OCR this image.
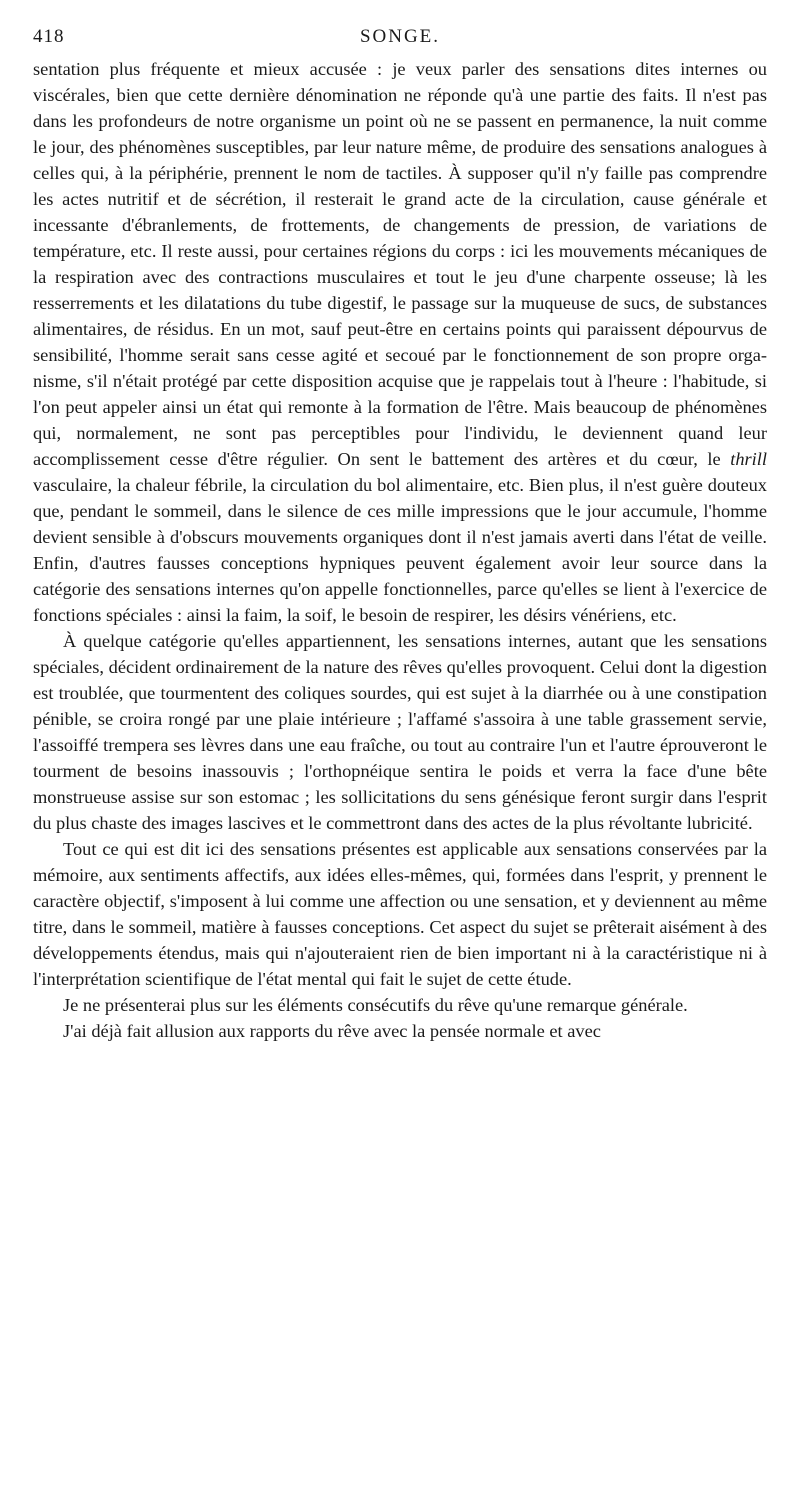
418	SONGE.

sentation plus fréquente et mieux accusée : je veux parler des sensations dites internes ou viscérales, bien que cette dernière dénomination ne réponde qu'à une partie des faits. Il n'est pas dans les profondeurs de notre organisme un point où ne se passent en permanence, la nuit comme le jour, des phénomènes susceptibles, par leur nature même, de produire des sensations analogues à celles qui, à la périphérie, prennent le nom de tactiles. À supposer qu'il n'y faille pas comprendre les actes nutritif et de sécrétion, il resterait le grand acte de la circulation, cause générale et incessante d'ébranlements, de frottements, de changements de pression, de variations de température, etc. Il reste aussi, pour certaines régions du corps : ici les mouvements mécaniques de la respiration avec des contractions musculaires et tout le jeu d'une charpente osseuse; là les resserrements et les dilatations du tube digestif, le passage sur la muqueuse de sucs, de substances alimentaires, de résidus. En un mot, sauf peut-être en certains points qui paraissent dépourvus de sensibilité, l'homme serait sans cesse agité et secoué par le fonctionnement de son propre organisme, s'il n'était protégé par cette disposition acquise que je rappelais tout à l'heure : l'habitude, si l'on peut appeler ainsi un état qui remonte à la formation de l'être. Mais beaucoup de phénomènes qui, normalement, ne sont pas perceptibles pour l'individu, le deviennent quand leur accomplissement cesse d'être régulier. On sent le battement des artères et du cœur, le thrill vasculaire, la chaleur fébrile, la circulation du bol alimentaire, etc. Bien plus, il n'est guère douteux que, pendant le sommeil, dans le silence de ces mille impressions que le jour accumule, l'homme devient sensible à d'obscurs mouvements organiques dont il n'est jamais averti dans l'état de veille. Enfin, d'autres fausses conceptions hypniques peuvent également avoir leur source dans la catégorie des sensations internes qu'on appelle fonctionnelles, parce qu'elles se lient à l'exercice de fonctions spéciales : ainsi la faim, la soif, le besoin de respirer, les désirs vénériens, etc.

À quelque catégorie qu'elles appartiennent, les sensations internes, autant que les sensations spéciales, décident ordinairement de la nature des rêves qu'elles provoquent. Celui dont la digestion est troublée, que tourmentent des coliques sourdes, qui est sujet à la diarrhée ou à une constipation pénible, se croira rongé par une plaie intérieure ; l'affamé s'assoira à une table grassement servie, l'assoiffé trempera ses lèvres dans une eau fraîche, ou tout au contraire l'un et l'autre éprouveront le tourment de besoins inassouvis ; l'orthopnéique sentira le poids et verra la face d'une bête monstrueuse assise sur son estomac ; les sollicitations du sens génésique feront surgir dans l'esprit du plus chaste des images lascives et le commettront dans des actes de la plus révoltante lubricité.

Tout ce qui est dit ici des sensations présentes est applicable aux sensations conservées par la mémoire, aux sentiments affectifs, aux idées elles-mêmes, qui, formées dans l'esprit, y prennent le caractère objectif, s'imposent à lui comme une affection ou une sensation, et y deviennent au même titre, dans le sommeil, matière à fausses conceptions. Cet aspect du sujet se prêterait aisément à des développements étendus, mais qui n'ajouteraient rien de bien important ni à la caractéristique ni à l'interprétation scientifique de l'état mental qui fait le sujet de cette étude.

Je ne présenterai plus sur les éléments consécutifs du rêve qu'une remarque générale.

J'ai déjà fait allusion aux rapports du rêve avec la pensée normale et avec
